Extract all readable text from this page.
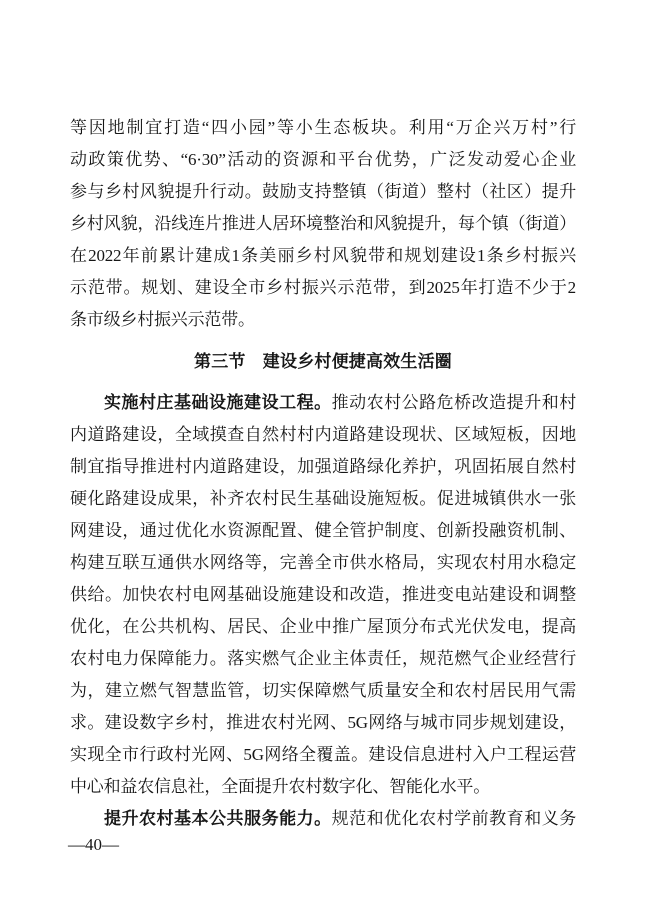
等因地制宜打造“四小园”等小生态板块。利用“万企兴万村”行
动政策优势、“6·30”活动的资源和平台优势，广泛发动爱心企业
参与乡村风貌提升行动。鼓励支持整镇（街道）整村（社区）提升
乡村风貌，沿线连片推进人居环境整治和风貌提升，每个镇（街道）
在2022年前累计建成1条美丽乡村风貌带和规划建设1条乡村振兴
示范带。规划、建设全市乡村振兴示范带，到2025年打造不少于2
条市级乡村振兴示范带。
第三节　建设乡村便捷高效生活圈
实施村庄基础设施建设工程。推动农村公路危桥改造提升和村
内道路建设，全域摸查自然村村内道路建设现状、区域短板，因地
制宜指导推进村内道路建设，加强道路绿化养护，巩固拓展自然村
硬化路建设成果，补齐农村民生基础设施短板。促进城镇供水一张
网建设，通过优化水资源配置、健全管护制度、创新投融资机制、
构建互联互通供水网络等，完善全市供水格局，实现农村用水稳定
供给。加快农村电网基础设施建设和改造，推进变电站建设和调整
优化，在公共机构、居民、企业中推广屋顶分布式光伏发电，提高
农村电力保障能力。落实燃气企业主体责任，规范燃气企业经营行
为，建立燃气智慧监管，切实保障燃气质量安全和农村居民用气需
求。建设数字乡村，推进农村光网、5G网络与城市同步规划建设，
实现全市行政村光网、5G网络全覆盖。建设信息进村入户工程运营
中心和益农信息社，全面提升农村数字化、智能化水平。
提升农村基本公共服务能力。规范和优化农村学前教育和义务
—40—
